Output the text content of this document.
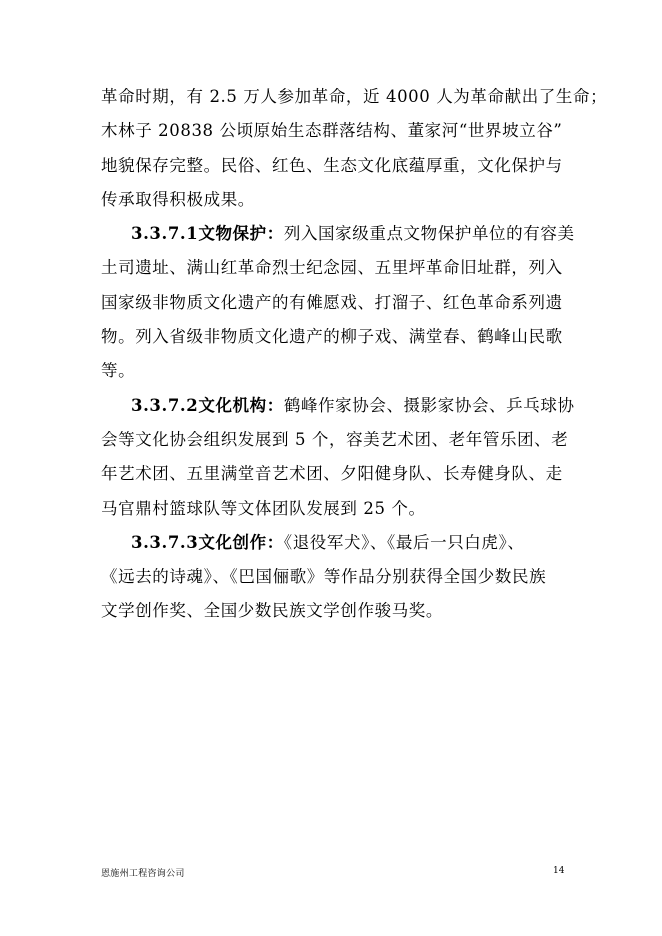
革命时期，有 2.5 万人参加革命，近 4000 人为革命献出了生命；
木林子 20838 公顷原始生态群落结构、董家河“世界坡立谷”
地貌保存完整。民俗、红色、生态文化底蕴厚重，文化保护与
传承取得积极成果。
3.3.7.1文物保护：列入国家级重点文物保护单位的有容美
土司遗址、满山红革命烈士纪念园、五里坪革命旧址群，列入
国家级非物质文化遗产的有傩愿戏、打溜子、红色革命系列遗
物。列入省级非物质文化遗产的柳子戏、满堂春、鹤峰山民歌
等。
3.3.7.2文化机构：鹤峰作家协会、摄影家协会、乒乓球协
会等文化协会组织发展到 5 个，容美艺术团、老年管乐团、老
年艺术团、五里满堂音艺术团、夕阳健身队、长寿健身队、走
马官鼎村篮球队等文体团队发展到 25 个。
3.3.7.3文化创作：《退役军犬》、《最后一只白虎》、
《远去的诗魂》、《巴国俪歌》等作品分别获得全国少数民族
文学创作奖、全国少数民族文学创作骏马奖。
恩施州工程咨询公司	14
